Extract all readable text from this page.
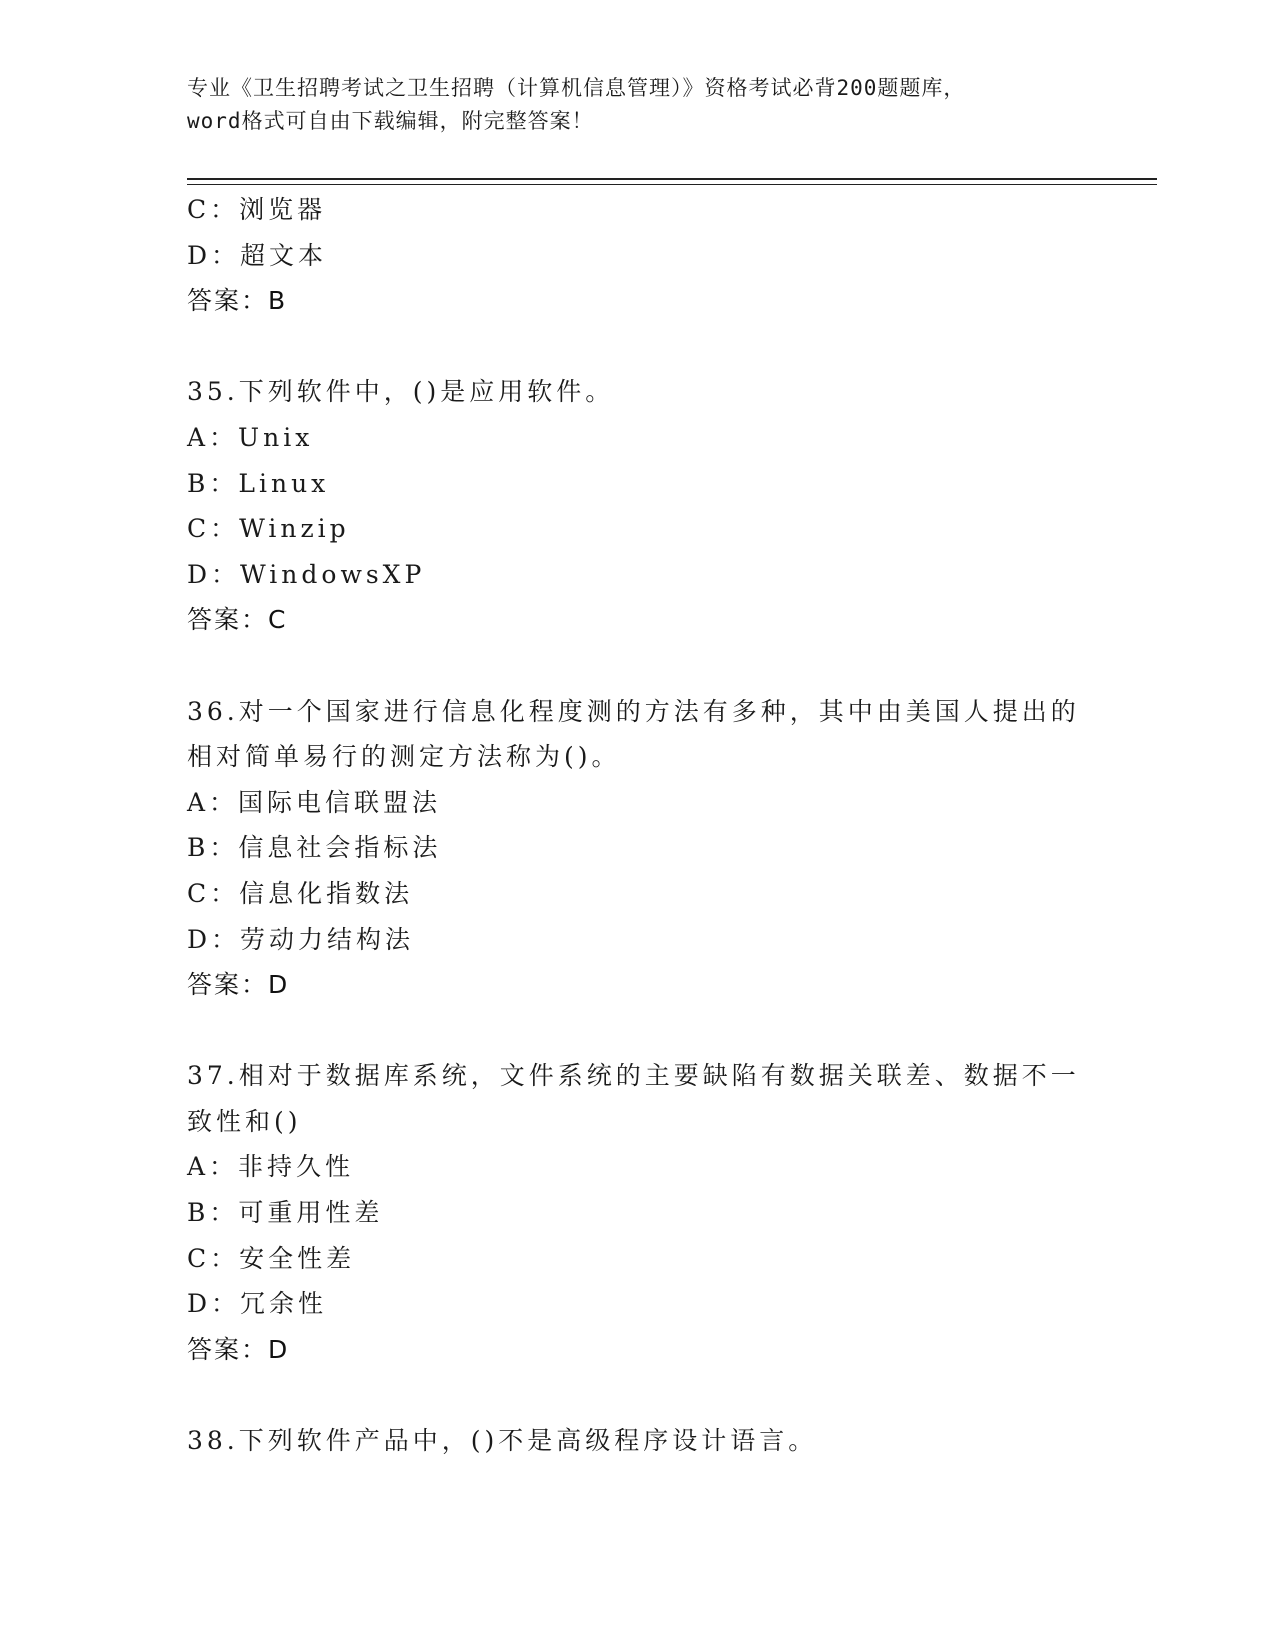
专业《卫生招聘考试之卫生招聘（计算机信息管理）》资格考试必背200题题库，
word格式可自由下载编辑，附完整答案！
C：浏览器
D：超文本
答案：B
35.下列软件中，()是应用软件。
A：Unix
B：Linux
C：Winzip
D：WindowsXP
答案：C
36.对一个国家进行信息化程度测的方法有多种，其中由美国人提出的
相对简单易行的测定方法称为()。
A：国际电信联盟法
B：信息社会指标法
C：信息化指数法
D：劳动力结构法
答案：D
37.相对于数据库系统，文件系统的主要缺陷有数据关联差、数据不一
致性和()
A：非持久性
B：可重用性差
C：安全性差
D：冗余性
答案：D
38.下列软件产品中，()不是高级程序设计语言。
